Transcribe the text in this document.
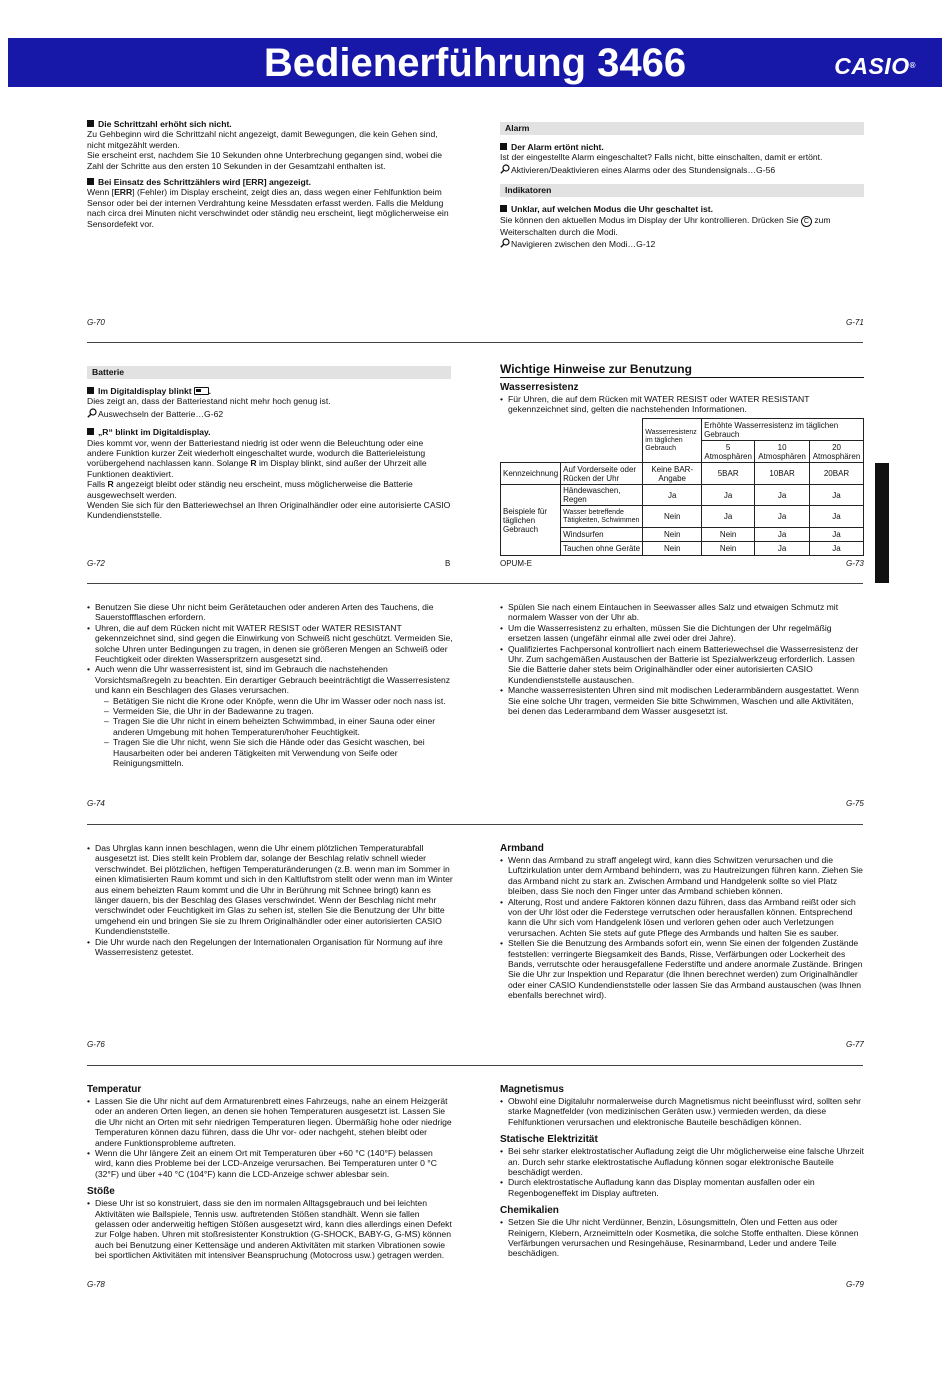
Bedienerführung 3466	CASIO®
Die Schrittzahl erhöht sich nicht.

Zu Gehbeginn wird die Schrittzahl nicht angezeigt, damit Bewegungen, die kein Gehen sind, nicht mitgezählt werden.
Sie erscheint erst, nachdem Sie 10 Sekunden ohne Unterbrechung gegangen sind, wobei die Zahl der Schritte aus den ersten 10 Sekunden in der Gesamtzahl enthalten ist.

Bei Einsatz des Schrittzählers wird [ERR] angezeigt.

Wenn [ERR] (Fehler) im Display erscheint, zeigt dies an, dass wegen einer Fehlfunktion beim Sensor oder bei der internen Verdrahtung keine Messdaten erfasst werden. Falls die Meldung nach circa drei Minuten nicht verschwindet oder ständig neu erscheint, liegt möglicherweise ein Sensordefekt vor.

G-70
Alarm
Der Alarm ertönt nicht.

Ist der eingestellte Alarm eingeschaltet? Falls nicht, bitte einschalten, damit er ertönt.

Aktivieren/Deaktivieren eines Alarms oder des Stundensignals…G-56

Indikatoren
Unklar, auf welchen Modus die Uhr geschaltet ist.

Sie können den aktuellen Modus im Display der Uhr kontrollieren. Drücken Sie C zum Weiterschalten durch die Modi.

Navigieren zwischen den Modi…G-12

G-71
Batterie
Im Digitaldisplay blinkt .

Dies zeigt an, dass der Batteriestand nicht mehr hoch genug ist.

Auswechseln der Batterie…G-62

„R“ blinkt im Digitaldisplay.

Dies kommt vor, wenn der Batteriestand niedrig ist oder wenn die Beleuchtung oder eine andere Funktion kurzer Zeit wiederholt eingeschaltet wurde, wodurch die Batterieleistung vorübergehend nachlassen kann. Solange R im Display blinkt, sind außer der Uhrzeit alle Funktionen deaktiviert.

Falls R angezeigt bleibt oder ständig neu erscheint, muss möglicherweise die Batterie ausgewechselt werden.

Wenden Sie sich für den Batteriewechsel an Ihren Originalhändler oder eine autorisierte CASIO Kundendienststelle.

G-72	B
Wichtige Hinweise zur Benutzung
Wasserresistenz
• Für Uhren, die auf dem Rücken mit WATER RESIST oder WATER RESISTANT gekennzeichnet sind, gelten die nachstehenden Informationen.
		Wasserresistenz im täglichen Gebrauch	Erhöhte Wasserresistenz im täglichen Gebrauch		
			5 Atmosphären	10 Atmosphären	20 Atmosphären
Kennzeichnung	Auf Vorderseite oder Rücken der Uhr	Keine BAR-Angabe	5BAR	10BAR	20BAR
Beispiele für täglichen Gebrauch	Händewaschen, Regen	Ja	Ja	Ja	Ja
	Wasser betreffende Tätigkeiten, Schwimmen	Nein	Ja	Ja	Ja
	Windsurfen	Nein	Nein	Ja	Ja
	Tauchen ohne Geräte	Nein	Nein	Ja	Ja
OPUM-E	G-73
• Benutzen Sie diese Uhr nicht beim Gerätetauchen oder anderen Arten des Tauchens, die Sauerstoffflaschen erfordern.
• Uhren, die auf dem Rücken nicht mit WATER RESIST oder WATER RESISTANT gekennzeichnet sind, sind gegen die Einwirkung von Schweiß nicht geschützt. Vermeiden Sie, solche Uhren unter Bedingungen zu tragen, in denen sie größeren Mengen an Schweiß oder Feuchtigkeit oder direkten Wasserspritzern ausgesetzt sind.
• Auch wenn die Uhr wasserresistent ist, sind im Gebrauch die nachstehenden Vorsichtsmaßregeln zu beachten. Ein derartiger Gebrauch beeinträchtigt die Wasserresistenz und kann ein Beschlagen des Glases verursachen.
– Betätigen Sie nicht die Krone oder Knöpfe, wenn die Uhr im Wasser oder noch nass ist.
– Vermeiden Sie, die Uhr in der Badewanne zu tragen.
– Tragen Sie die Uhr nicht in einem beheizten Schwimmbad, in einer Sauna oder einer anderen Umgebung mit hohen Temperaturen/hoher Feuchtigkeit.
– Tragen Sie die Uhr nicht, wenn Sie sich die Hände oder das Gesicht waschen, bei Hausarbeiten oder bei anderen Tätigkeiten mit Verwendung von Seife oder Reinigungsmitteln.
G-74
• Spülen Sie nach einem Eintauchen in Seewasser alles Salz und etwaigen Schmutz mit normalem Wasser von der Uhr ab.
• Um die Wasserresistenz zu erhalten, müssen Sie die Dichtungen der Uhr regelmäßig ersetzen lassen (ungefähr einmal alle zwei oder drei Jahre).
• Qualifiziertes Fachpersonal kontrolliert nach einem Batteriewechsel die Wasserresistenz der Uhr. Zum sachgemäßen Austauschen der Batterie ist Spezialwerkzeug erforderlich. Lassen Sie die Batterie daher stets beim Originalhändler oder einer autorisierten CASIO Kundendienststelle austauschen.
• Manche wasserresistenten Uhren sind mit modischen Lederarmbändern ausgestattet. Wenn Sie eine solche Uhr tragen, vermeiden Sie bitte Schwimmen, Waschen und alle Aktivitäten, bei denen das Lederarmband dem Wasser ausgesetzt ist.
G-75
• Das Uhrglas kann innen beschlagen, wenn die Uhr einem plötzlichen Temperaturabfall ausgesetzt ist. Dies stellt kein Problem dar, solange der Beschlag relativ schnell wieder verschwindet. Bei plötzlichen, heftigen Temperaturänderungen (z.B. wenn man im Sommer in einen klimatisierten Raum kommt und sich in den Kaltluftstrom stellt oder wenn man im Winter aus einem beheizten Raum kommt und die Uhr in Berührung mit Schnee bringt) kann es länger dauern, bis der Beschlag des Glases verschwindet. Wenn der Beschlag nicht mehr verschwindet oder Feuchtigkeit im Glas zu sehen ist, stellen Sie die Benutzung der Uhr bitte umgehend ein und bringen Sie sie zu Ihrem Originalhändler oder einer autorisierten CASIO Kundendienststelle.
• Die Uhr wurde nach den Regelungen der Internationalen Organisation für Normung auf ihre Wasserresistenz getestet.
G-76
Armband
• Wenn das Armband zu straff angelegt wird, kann dies Schwitzen verursachen und die Luftzirkulation unter dem Armband behindern, was zu Hautreizungen führen kann. Ziehen Sie das Armband nicht zu stark an. Zwischen Armband und Handgelenk sollte so viel Platz bleiben, dass Sie noch den Finger unter das Armband schieben können.
• Alterung, Rost und andere Faktoren können dazu führen, dass das Armband reißt oder sich von der Uhr löst oder die Federstege verrutschen oder herausfallen können. Entsprechend kann die Uhr sich vom Handgelenk lösen und verloren gehen oder auch Verletzungen verursachen. Achten Sie stets auf gute Pflege des Armbands und halten Sie es sauber.
• Stellen Sie die Benutzung des Armbands sofort ein, wenn Sie einen der folgenden Zustände feststellen: verringerte Biegsamkeit des Bands, Risse, Verfärbungen oder Lockerheit des Bands, verrutschte oder herausgefallene Federstifte und andere anormale Zustände. Bringen Sie die Uhr zur Inspektion und Reparatur (die Ihnen berechnet werden) zum Originalhändler oder einer CASIO Kundendienststelle oder lassen Sie das Armband austauschen (was Ihnen ebenfalls berechnet wird).
G-77
Temperatur
• Lassen Sie die Uhr nicht auf dem Armaturenbrett eines Fahrzeugs, nahe an einem Heizgerät oder an anderen Orten liegen, an denen sie hohen Temperaturen ausgesetzt ist. Lassen Sie die Uhr nicht an Orten mit sehr niedrigen Temperaturen liegen. Übermäßig hohe oder niedrige Temperaturen können dazu führen, dass die Uhr vor- oder nachgeht, stehen bleibt oder andere Funktionsprobleme auftreten.
• Wenn die Uhr längere Zeit an einem Ort mit Temperaturen über +60 °C (140°F) belassen wird, kann dies Probleme bei der LCD-Anzeige verursachen. Bei Temperaturen unter 0 °C (32°F) und über +40 °C (104°F) kann die LCD-Anzeige schwer ablesbar sein.
Stöße
• Diese Uhr ist so konstruiert, dass sie den im normalen Alltagsgebrauch und bei leichten Aktivitäten wie Ballspiele, Tennis usw. auftretenden Stößen standhält. Wenn sie fallen gelassen oder anderweitig heftigen Stößen ausgesetzt wird, kann dies allerdings einen Defekt zur Folge haben. Uhren mit stoßresistenter Konstruktion (G-SHOCK, BABY-G, G-MS) können auch bei Benutzung einer Kettensäge und anderen Aktivitäten mit starken Vibrationen sowie bei sportlichen Aktivitäten mit intensiver Beanspruchung (Motocross usw.) getragen werden.
G-78
Magnetismus
• Obwohl eine Digitaluhr normalerweise durch Magnetismus nicht beeinflusst wird, sollten sehr starke Magnetfelder (von medizinischen Geräten usw.) vermieden werden, da diese Fehlfunktionen verursachen und elektronische Bauteile beschädigen können.
Statische Elektrizität
• Bei sehr starker elektrostatischer Aufladung zeigt die Uhr möglicherweise eine falsche Uhrzeit an. Durch sehr starke elektrostatische Aufladung können sogar elektronische Bauteile beschädigt werden.
• Durch elektrostatische Aufladung kann das Display momentan ausfallen oder ein Regenbogeneffekt im Display auftreten.
Chemikalien
• Setzen Sie die Uhr nicht Verdünner, Benzin, Lösungsmitteln, Ölen und Fetten aus oder Reinigern, Klebern, Arzneimitteln oder Kosmetika, die solche Stoffe enthalten. Diese können Verfärbungen verursachen und Resingehäuse, Resinarmband, Leder und andere Teile beschädigen.
G-79
